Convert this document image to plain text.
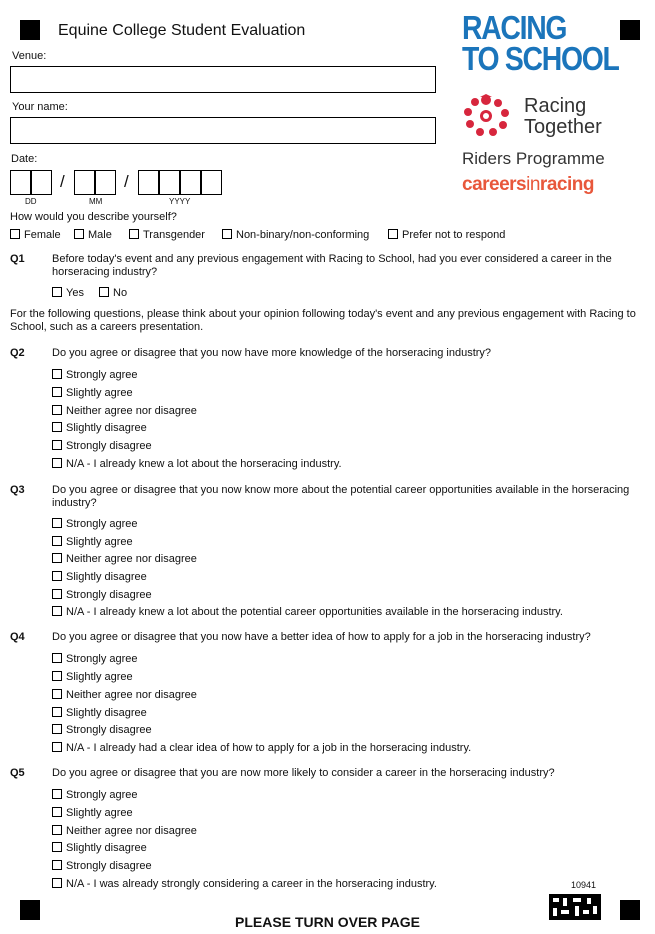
Equine College Student Evaluation	RACING
TO SCHOOL
Racing
Together
Riders Programme
careersinracing
Venue:
Your name:
Date:
/	/
DD	MM	YYYY
How would you describe yourself?
Female	Male	Transgender	Non-binary/non-conforming	Prefer not to respond
Q1 Before today's event and any previous engagement with Racing to School, had you ever considered a career in the horseracing industry?
Yes	No
For the following questions, please think about your opinion following today's event and any previous engagement with Racing to School, such as a careers presentation.
Q2 Do you agree or disagree that you now have more knowledge of the horseracing industry?
Strongly agree
Slightly agree
Neither agree nor disagree
Slightly disagree
Strongly disagree
N/A - I already knew a lot about the horseracing industry.
Q3 Do you agree or disagree that you now know more about the potential career opportunities available in the horseracing industry?
Strongly agree
Slightly agree
Neither agree nor disagree
Slightly disagree
Strongly disagree
N/A - I already knew a lot about the potential career opportunities available in the horseracing industry.
Q4 Do you agree or disagree that you now have a better idea of how to apply for a job in the horseracing industry?
Strongly agree
Slightly agree
Neither agree nor disagree
Slightly disagree
Strongly disagree
N/A - I already had a clear idea of how to apply for a job in the horseracing industry.
Q5 Do you agree or disagree that you are now more likely to consider a career in the horseracing industry?
Strongly agree
Slightly agree
Neither agree nor disagree
Slightly disagree
Strongly disagree
N/A - I was already strongly considering a career in the horseracing industry.	10941
PLEASE TURN OVER PAGE
